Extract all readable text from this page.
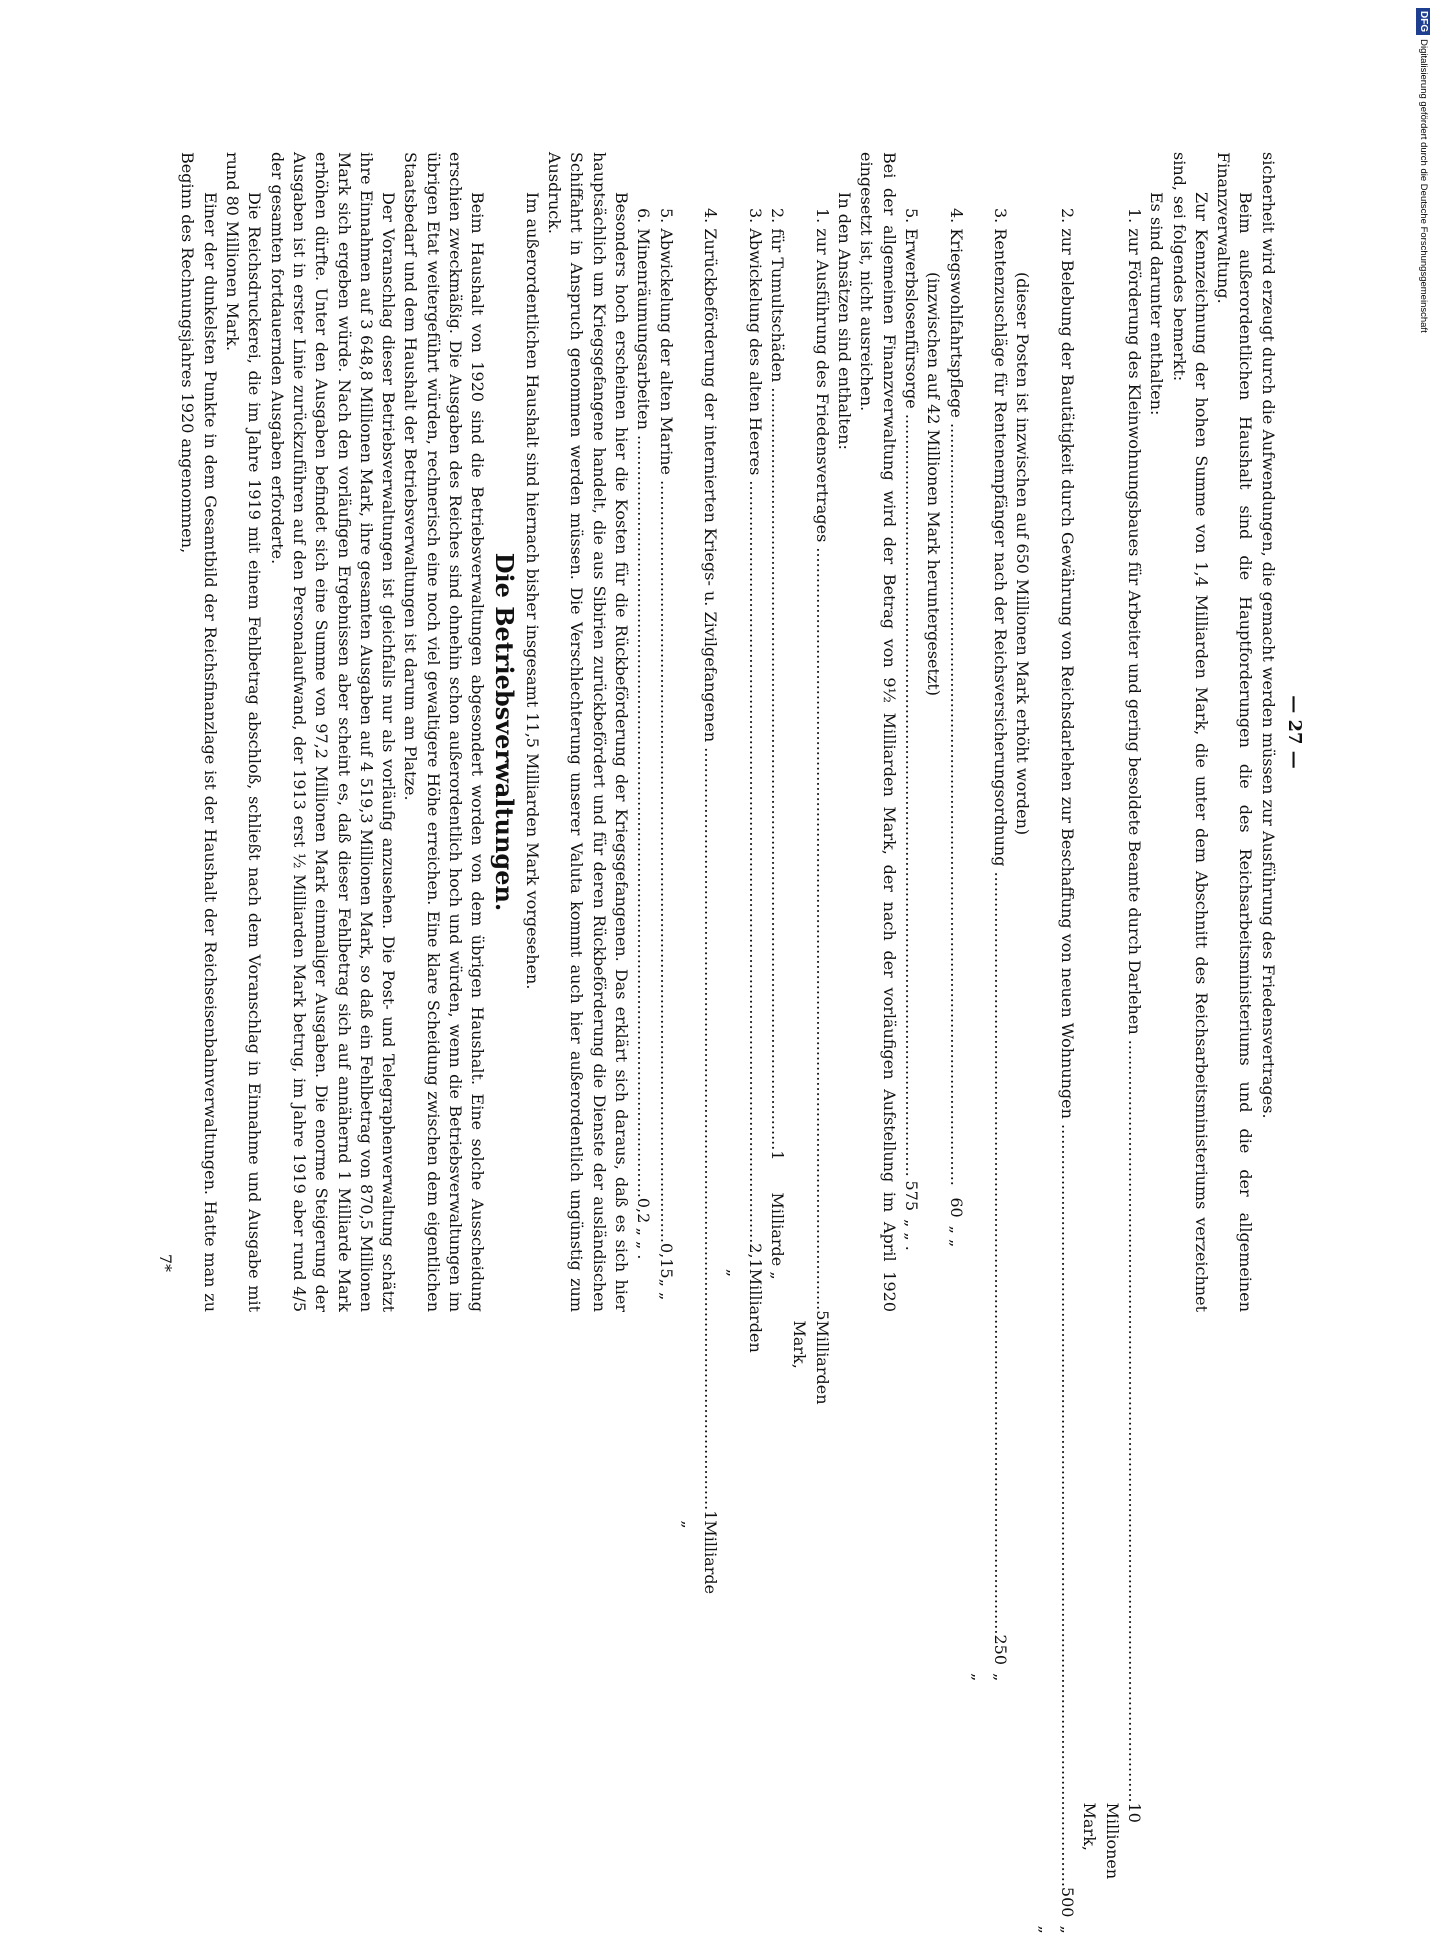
— 27 —

sicherheit wird erzeugt durch die Aufwendungen, die gemacht werden müssen zur Ausführung des Friedensvertrages.

Beim außerordentlichen Haushalt sind die Hauptforderungen die des Reichsarbeitsministeriums und die der allgemeinen Finanzverwaltung.

Zur Kennzeichnung der hohen Summe von 1,4 Milliarden Mark, die unter dem Abschnitt des Reichsarbeitsministeriums verzeichnet sind, sei folgendes bemerkt:

Es sind darunter enthalten:

1. zur Förderung des Kleinwohnungsbaues für Arbeiter und gering besoldete Beamte durch Darlehen .....
10 Millionen Mark,
2. zur Belebung der Bautätigkeit durch Gewährung von Reichsdarlehen zur Beschaffung von neuen Wohnungen .....
500
„ „

(dieser Posten ist inzwischen auf 650 Millionen Mark erhöht worden)

3. Rentenzuschläge für Rentenempfänger nach der Reichsversicherungsordnung .....
250
„ „
4. Kriegswohlfahrtspflege .....
60
„ „

(inzwischen auf 42 Millionen Mark heruntergesetzt)

5. Erwerbslosenfürsorge .....
575
„ „ .

Bei der allgemeinen Finanzverwaltung wird der Betrag von 9½ Milliarden Mark, der nach der vorläufigen Aufstellung im April 1920 eingesetzt ist, nicht ausreichen.

In den Ansätzen sind enthalten:

1. zur Ausführung des Friedensvertrages .....
5
Milliarden Mark,
2. für Tumultschäden .....
1
Milliarde „
3. Abwickelung des alten Heeres .....
2,1
Milliarden „
4. Zurückbeförderung der internierten Kriegs- u. Zivilgefangenen .....
1
Milliarde „
5. Abwickelung der alten Marine .....
0,15
„ „
6. Minenräumungsarbeiten .....
0,2
„ „ .

Besonders hoch erscheinen hier die Kosten für die Rückbeförderung der Kriegsgefangenen. Das erklärt sich daraus, daß es sich hier hauptsächlich um Kriegsgefangene handelt, die aus Sibirien zurückbefördert und für deren Rückbeförderung die Dienste der ausländischen Schiffahrt in Anspruch genommen werden müssen. Die Verschlechterung unserer Valuta kommt auch hier außerordentlich ungünstig zum Ausdruck.

Im außerordentlichen Haushalt sind hiernach bisher insgesamt 11,5 Milliarden Mark vorgesehen.

Die Betriebsverwaltungen.

Beim Haushalt von 1920 sind die Betriebsverwaltungen abgesondert worden von dem übrigen Haushalt. Eine solche Ausscheidung erschien zweckmäßig. Die Ausgaben des Reiches sind ohnehin schon außerordentlich hoch und würden, wenn die Betriebsverwaltungen im übrigen Etat weitergeführt würden, rechnerisch eine noch viel gewaltigere Höhe erreichen. Eine klare Scheidung zwischen dem eigentlichen Staatsbedarf und dem Haushalt der Betriebsverwaltungen ist darum am Platze.

Der Voranschlag dieser Betriebsverwaltungen ist gleichfalls nur als vorläufig anzusehen. Die Post- und Telegraphenverwaltung schätzt ihre Einnahmen auf 3 648,8 Millionen Mark, ihre gesamten Ausgaben auf 4 519,3 Millionen Mark, so daß ein Fehlbetrag von 870,5 Millionen Mark sich ergeben würde. Nach den vorläufigen Ergebnissen aber scheint es, daß dieser Fehlbetrag sich auf annähernd 1 Milliarde Mark erhöhen dürfte. Unter den Ausgaben befindet sich eine Summe von 97,2 Millionen Mark einmaliger Ausgaben. Die enorme Steigerung der Ausgaben ist in erster Linie zurückzuführen auf den Personalaufwand, der 1913 erst ½ Milliarden Mark betrug, im Jahre 1919 aber rund 4/5 der gesamten fortdauernden Ausgaben erforderte.

Die Reichsdruckerei, die im Jahre 1919 mit einem Fehlbetrag abschloß, schließt nach dem Voranschlag in Einnahme und Ausgabe mit rund 80 Millionen Mark.

Einer der dunkelsten Punkte in dem Gesamtbild der Reichsfinanzlage ist der Haushalt der Reichseisenbahnverwaltungen. Hatte man zu Beginn des Rechnungsjahres 1920 angenommen,

7*
DFGDigitalisierung gefördert durch die Deutsche Forschungsgemeinschaft
